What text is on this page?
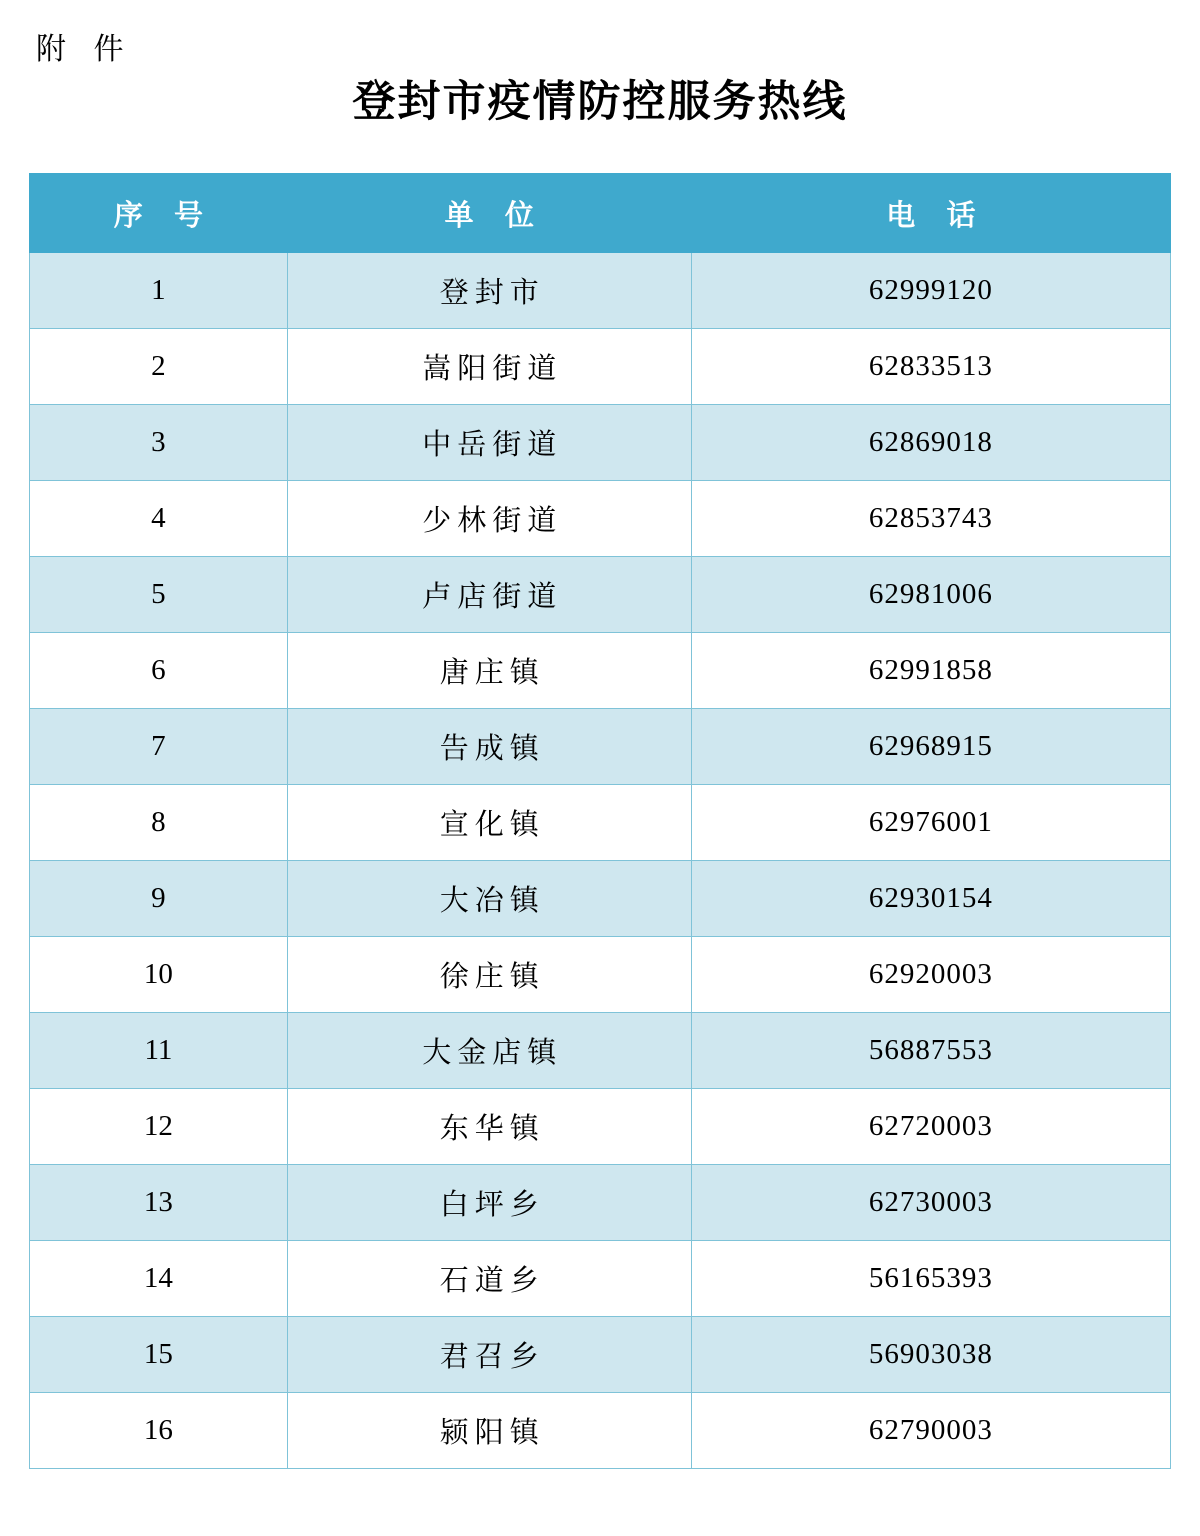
附 件
登封市疫情防控服务热线
序 号	单 位	电 话
1	登封市	62999120
2	嵩阳街道	62833513
3	中岳街道	62869018
4	少林街道	62853743
5	卢店街道	62981006
6	唐庄镇	62991858
7	告成镇	62968915
8	宣化镇	62976001
9	大冶镇	62930154
10	徐庄镇	62920003
11	大金店镇	56887553
12	东华镇	62720003
13	白坪乡	62730003
14	石道乡	56165393
15	君召乡	56903038
16	颍阳镇	62790003
